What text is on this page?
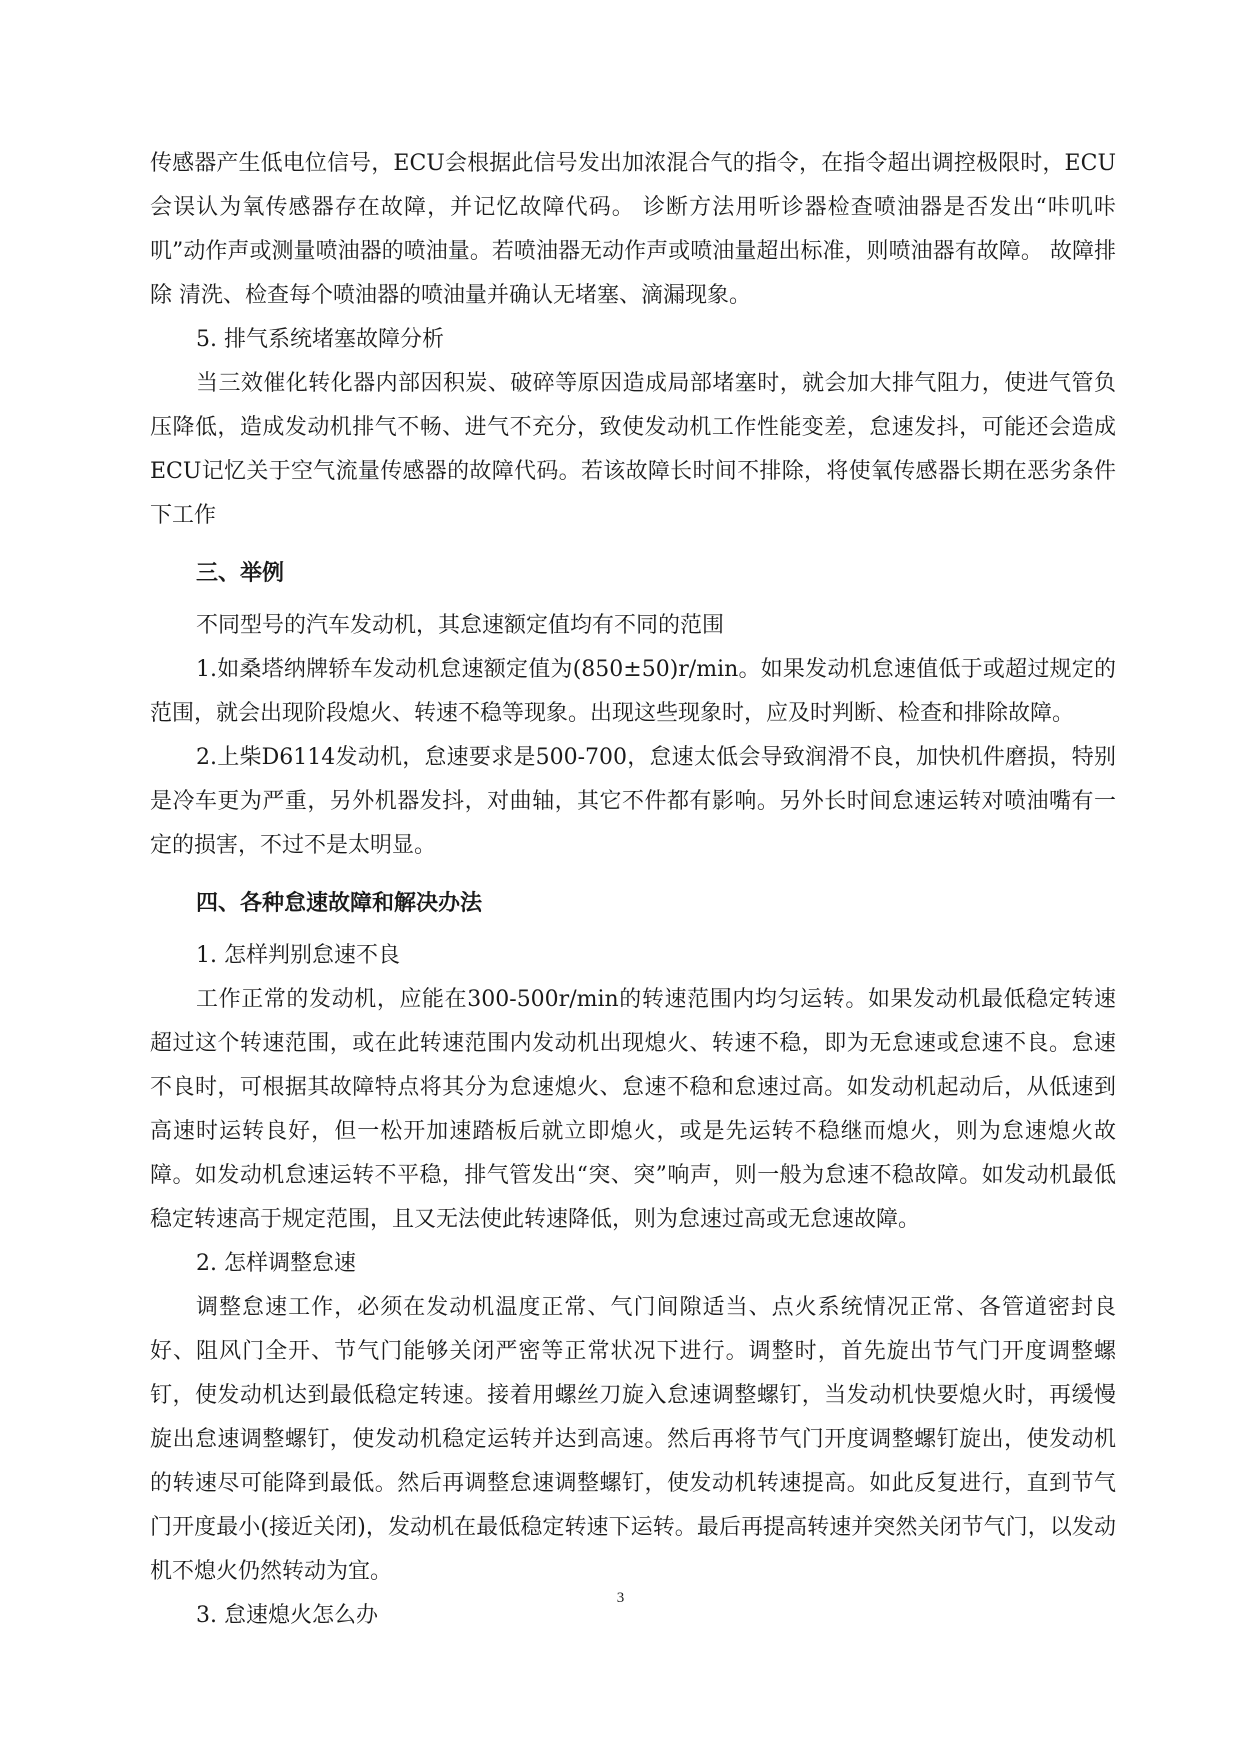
传感器产生低电位信号，ECU会根据此信号发出加浓混合气的指令，在指令超出调控极限时，ECU会误认为氧传感器存在故障，并记忆故障代码。 诊断方法用听诊器检查喷油器是否发出“咔叽咔叽”动作声或测量喷油器的喷油量。若喷油器无动作声或喷油量超出标准，则喷油器有故障。 故障排除 清洗、检查每个喷油器的喷油量并确认无堵塞、滴漏现象。

5. 排气系统堵塞故障分析

当三效催化转化器内部因积炭、破碎等原因造成局部堵塞时，就会加大排气阻力，使进气管负压降低，造成发动机排气不畅、进气不充分，致使发动机工作性能变差，怠速发抖，可能还会造成ECU记忆关于空气流量传感器的故障代码。若该故障长时间不排除，将使氧传感器长期在恶劣条件下工作

三、举例

不同型号的汽车发动机，其怠速额定值均有不同的范围

1.如桑塔纳牌轿车发动机怠速额定值为(850±50)r/min。如果发动机怠速值低于或超过规定的范围，就会出现阶段熄火、转速不稳等现象。出现这些现象时，应及时判断、检查和排除故障。

2.上柴D6114发动机，怠速要求是500-700，怠速太低会导致润滑不良，加快机件磨损，特别是冷车更为严重，另外机器发抖，对曲轴，其它不件都有影响。另外长时间怠速运转对喷油嘴有一定的损害，不过不是太明显。

四、各种怠速故障和解决办法

1. 怎样判别怠速不良

工作正常的发动机，应能在300-500r/min的转速范围内均匀运转。如果发动机最低稳定转速超过这个转速范围，或在此转速范围内发动机出现熄火、转速不稳，即为无怠速或怠速不良。怠速不良时，可根据其故障特点将其分为怠速熄火、怠速不稳和怠速过高。如发动机起动后，从低速到高速时运转良好，但一松开加速踏板后就立即熄火，或是先运转不稳继而熄火，则为怠速熄火故障。如发动机怠速运转不平稳，排气管发出“突、突”响声，则一般为怠速不稳故障。如发动机最低稳定转速高于规定范围，且又无法使此转速降低，则为怠速过高或无怠速故障。

2. 怎样调整怠速

调整怠速工作，必须在发动机温度正常、气门间隙适当、点火系统情况正常、各管道密封良好、阻风门全开、节气门能够关闭严密等正常状况下进行。调整时，首先旋出节气门开度调整螺钉，使发动机达到最低稳定转速。接着用螺丝刀旋入怠速调整螺钉，当发动机快要熄火时，再缓慢旋出怠速调整螺钉，使发动机稳定运转并达到高速。然后再将节气门开度调整螺钉旋出，使发动机的转速尽可能降到最低。然后再调整怠速调整螺钉，使发动机转速提高。如此反复进行，直到节气门开度最小(接近关闭)，发动机在最低稳定转速下运转。最后再提高转速并突然关闭节气门，以发动机不熄火仍然转动为宜。

3. 怠速熄火怎么办

3
